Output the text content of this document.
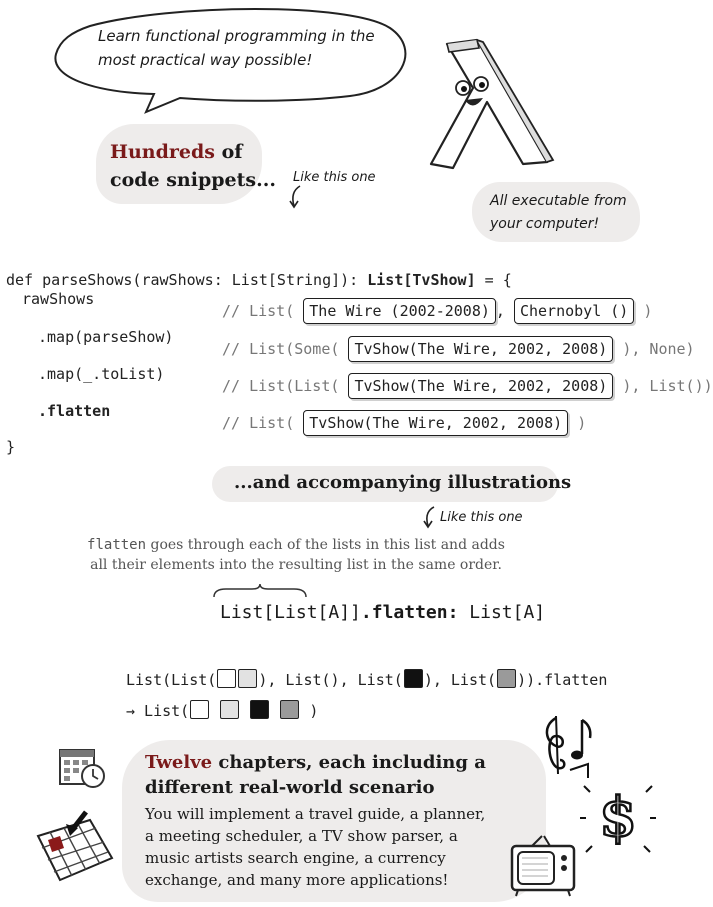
Learn functional programming in the most practical way possible!
Hundreds of
code snippets... Like this one
All executable from your computer!

def parseShows(rawShows: List[String]): List[TvShow] = {
rawShows

// List( The Wire (2002-2008) , Chernobyl () )
.map(parseShow)

// List(Some( TvShow(The Wire, 2002, 2008) ), None)
.map(_.toList)

// List(List( TvShow(The Wire, 2002, 2008) ), List())
.flatten

// List( TvShow(The Wire, 2002, 2008) )
}
...and accompanying illustrations
Like this one
flatten goes through each of the lists in this list and adds all their elements into the resulting list in the same order.
List[List[A]].flatten: List[A]

List(List(	), List(), List( ), List( )).flatten

→ List(	)
Twelve chapters, each including a different real-world scenario
You will implement a travel guide, a planner, a meeting scheduler, a TV show parser, a music artists search engine, a currency exchange, and many more applications!
$
